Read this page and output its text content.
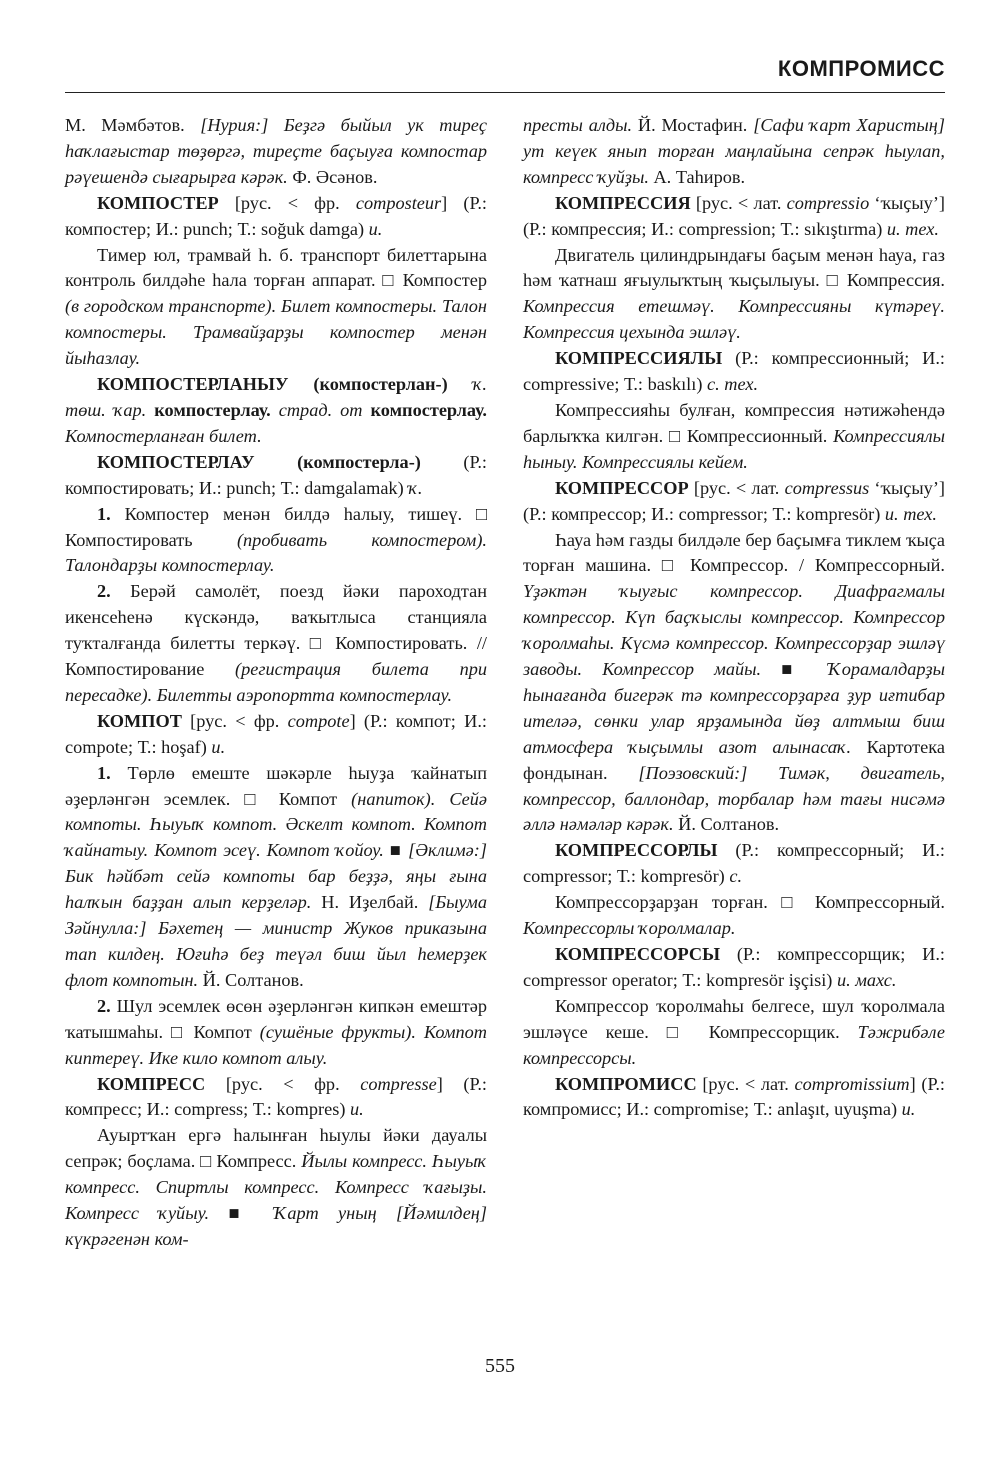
КОМПРОМИСС

М. Мәмбәтов. [Нурия:] Беҙгә быйыл ук тиреҫ һаҡлағыстар төҙөргә, тиреҫте баҫыуға компостар рәүешендә сығарырға кәрәк. Ф. Әсәнов.

КОМПОСТЕР [рус. < фр. composteur] (Р.: компостер; И.: punch; Т.: soğuk damga) и.

Тимер юл, трамвай һ. б. транспорт билеттарына контроль билдәһе һала торған аппарат. □ Компостер (в городском транспорте). Билет компостеры. Талон компостеры. Трамвайҙарҙы компостер менән йыһазлау.

КОМПОСТЕРЛАНЫУ (компостерлан-) ҡ. төш. ҡар. компостерлау. страд. от компостерлау. Компостерланған билет.

КОМПОСТЕРЛАУ (компостерла-) (Р.: компостировать; И.: punch; Т.: damgalamak) ҡ.

1. Компостер менән билдә һалыу, тишеү. □ Компостировать (пробивать компостером). Талондарҙы компостерлау.

2. Берәй самолёт, поезд йәки пароходтан икенсеһенә күскәндә, ваҡытлыса станцияла туҡталғанда билетты теркәү. □ Компостировать. // Компостирование (регистрация билета при пересадке). Билетты аэропортта компостерлау.

КОМПОТ [рус. < фр. compote] (Р.: компот; И.: compote; Т.: hoşaf) и.

1. Төрлө емеште шәкәрле һыуҙа ҡайнатып әҙерләнгән эсемлек. □ Компот (напиток). Сейә компоты. Һыуыҡ компот. Әскелт компот. Компот ҡайнатыу. Компот эсеү. Компот ҡойоу. ■ [Әклимә:] Бик һәйбәт сейә компоты бар беҙҙә, яңы ғына һалҡын баҙҙан алып керҙеләр. Н. Иҙелбай. [Быума Зәйнулла:] Бәхетең — министр Жуков приказына тап килдең. Юғиһә беҙ теүәл биш йыл һемерҙек флот компотын. Й. Солтанов.

2. Шул эсемлек өсөн әҙерләнгән кипкән емештәр ҡатышмаһы. □ Компот (сушёные фрукты). Компот киптереү. Ике кило компот алыу.

КОМПРЕСС [рус. < фр. compresse] (Р.: компресс; И.: compress; Т.: kompres) и.

Ауыртҡан ергә һалынған һыулы йәки дауалы сепрәк; боҫлама. □ Компресс. Йылы компресс. Һыуыҡ компресс. Спиртлы компресс. Компресс ҡағыҙы. Компресс ҡуйыу. ■ Ҡарт уның [Йәмилдең] күкрәгенән ком-

престы алды. Й. Мостафин. [Сафи ҡарт Харистың] ут кеүек янып торған маңлайына сепрәк һыулап, компресс ҡуйҙы. А. Таһиров.

КОМПРЕССИЯ [рус. < лат. compressio ‘ҡыҫыу’] (Р.: компрессия; И.: compression; Т.: sıkıştırma) и. тех.

Двигатель цилиндрындағы баҫым менән һауа, газ һәм ҡатнаш яғыулыҡтың ҡыҫылыуы. □ Компрессия. Компрессия етешмәү. Компрессияны күтәреү. Компрессия цехында эшләү.

КОМПРЕССИЯЛЫ (Р.: компрессионный; И.: compressive; Т.: baskılı) с. тех.

Компрессияһы булған, компрессия нәтижәһендә барлыҡҡа килгән. □ Компрессионный. Компрессиялы һыныу. Компрессиялы кейем.

КОМПРЕССОР [рус. < лат. compressus ‘ҡыҫыу’] (Р.: компрессор; И.: compressor; Т.: kompresör) и. тех.

Һауа һәм газды билдәле бер баҫымға тиклем ҡыҫа торған машина. □ Компрессор. / Компрессорный. Үҙәктән ҡыуғыс компрессор. Диафрагмалы компрессор. Күп баҫҡыслы компрессор. Компрессор ҡоролмаһы. Күсмә компрессор. Компрессорҙар эшләү заводы. Компрессор майы. ■ Ҡорамалдарҙы һынағанда бигерәк тә компрессорҙарға ҙур иғтибар ителәә, сөнки улар ярҙамында йөҙ алтмыш биш атмосфера ҡыҫымлы азот алынасаҡ. Картотека фондынан. [Поэзовский:] Тимәк, двигатель, компрессор, баллондар, торбалар һәм тағы нисәмә әллә нәмәләр кәрәк. Й. Солтанов.

КОМПРЕССОРЛЫ (Р.: компрессорный; И.: compressor; Т.: kompresör) с.

Компрессорҙарҙан торған. □ Компрессорный. Компрессорлы ҡоролмалар.

КОМПРЕССОРСЫ (Р.: компрессорщик; И.: compressor operator; Т.: kompresör işçisi) и. махс.

Компрессор ҡоролмаһы белгесе, шул ҡоролмала эшләүсе кеше. □ Компрессорщик. Тәжрибәле компрессорсы.

КОМПРОМИСС [рус. < лат. compromissium] (Р.: компромисс; И.: compromise; Т.: anlaşıt, uyuşma) и.

555
